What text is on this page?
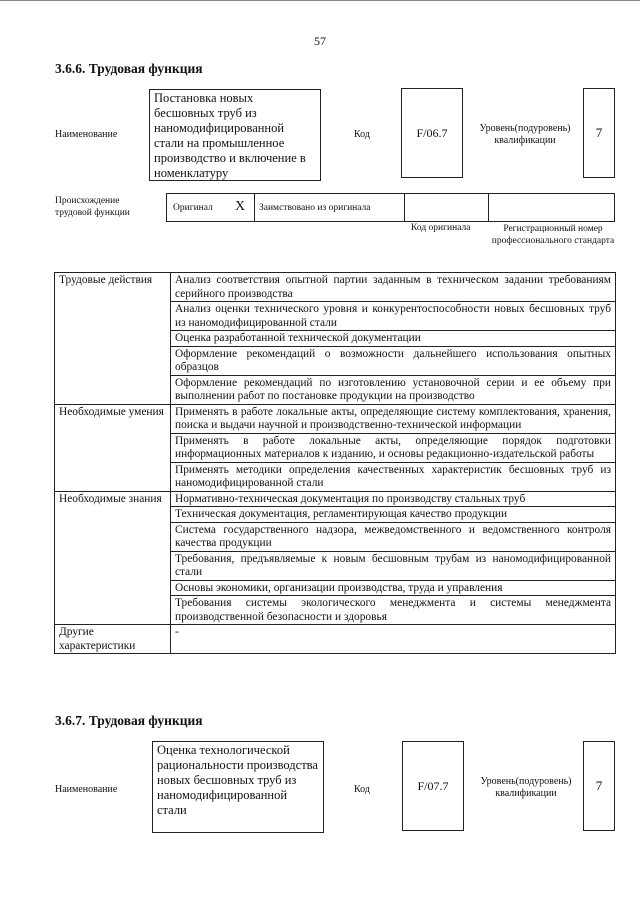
57
3.6.6. Трудовая функция
Наименование
Постановка новых бесшовных труб из наномодифицированной стали на промышленное производство и включение в номенклатуру
Код	F/06.7	Уровень(подуровень) квалификации
7
Происхождение трудовой функции	Оригинал X Заимствовано из оригинала
Код оригинала	Регистрационный номер профессионального стандарта
Трудовые действия	Анализ соответствия опытной партии заданным в техническом задании требованиям серийного производства
	Анализ оценки технического уровня и конкурентоспособности новых бесшовных труб из наномодифицированной стали
	Оценка разработанной технической документации
	Оформление рекомендаций о возможности дальнейшего использования опытных образцов
	Оформление рекомендаций по изготовлению установочной серии и ее объему при выполнении работ по постановке продукции на производство
Необходимые умения	Применять в работе локальные акты, определяющие систему комплектования, хранения, поиска и выдачи научной и производственно-технической информации
	Применять в работе локальные акты, определяющие порядок подготовки информационных материалов к изданию, и основы редакционно-издательской работы
	Применять методики определения качественных характеристик бесшовных труб из наномодифицированной стали
Необходимые знания	Нормативно-техническая документация по производству стальных труб
	Техническая документация, регламентирующая качество продукции
	Система государственного надзора, межведомственного и ведомственного контроля качества продукции
	Требования, предъявляемые к новым бесшовным трубам из наномодифицированной стали
	Основы экономики, организации производства, труда и управления
	Требования системы экологического менеджмента и системы менеджмента производственной безопасности и здоровья
Другие характеристики	-
3.6.7. Трудовая функция
Наименование
Оценка технологической рациональности производства новых бесшовных труб из наномодифицированной стали
Код	F/07.7	Уровень(подуровень) квалификации
7
